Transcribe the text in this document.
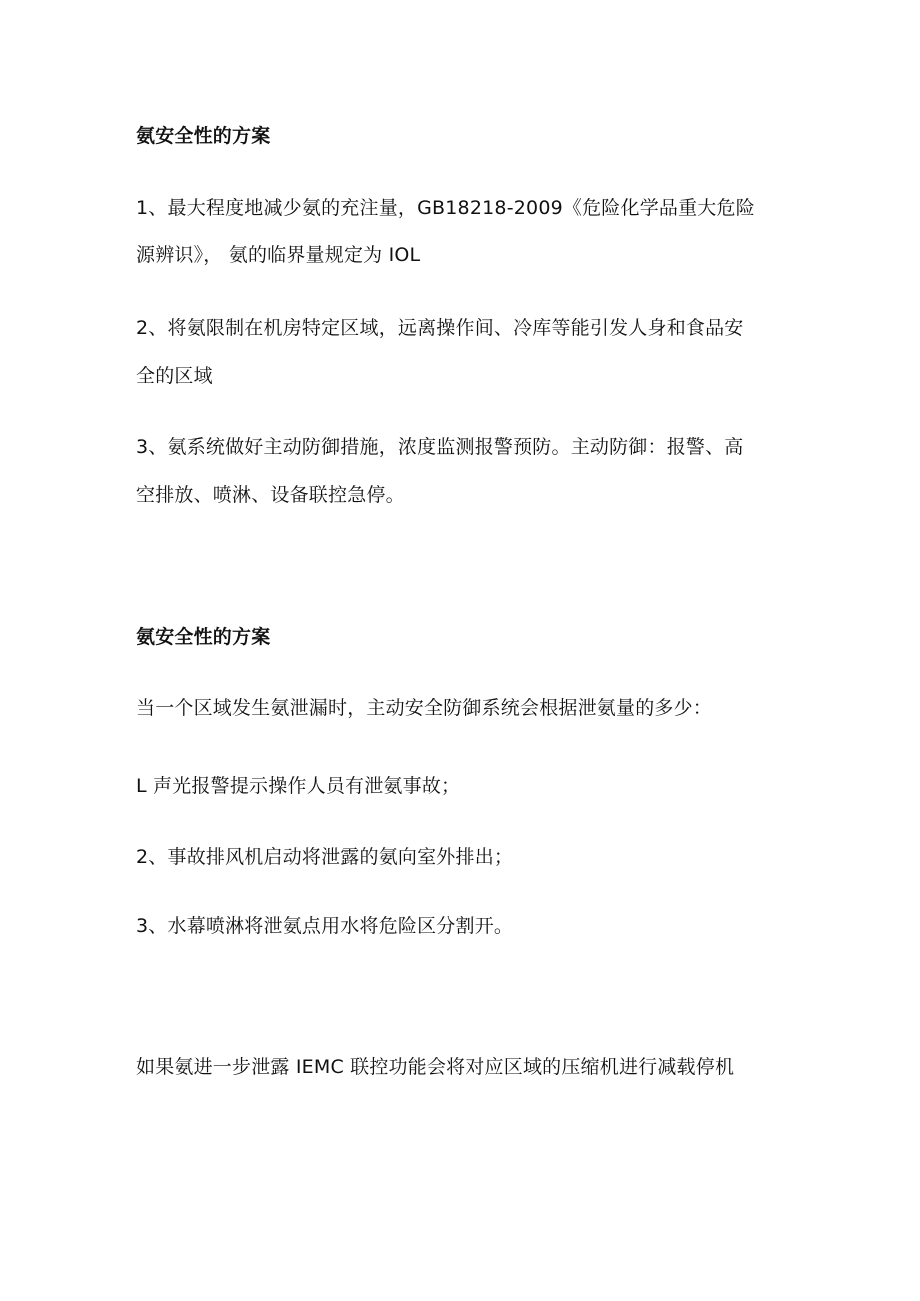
氨安全性的方案
1、最大程度地减少氨的充注量，GB18218-2009《危险化学品重大危险
源辨识》， 氨的临界量规定为 IOL
2、将氨限制在机房特定区域，远离操作间、冷库等能引发人身和食品安
全的区域
3、氨系统做好主动防御措施，浓度监测报警预防。主动防御：报警、高
空排放、喷淋、设备联控急停。
氨安全性的方案
当一个区域发生氨泄漏时，主动安全防御系统会根据泄氨量的多少：
L 声光报警提示操作人员有泄氨事故；
2、事故排风机启动将泄露的氨向室外排出；
3、水幕喷淋将泄氨点用水将危险区分割开。
如果氨进一步泄露 IEMC 联控功能会将对应区域的压缩机进行减载停机
